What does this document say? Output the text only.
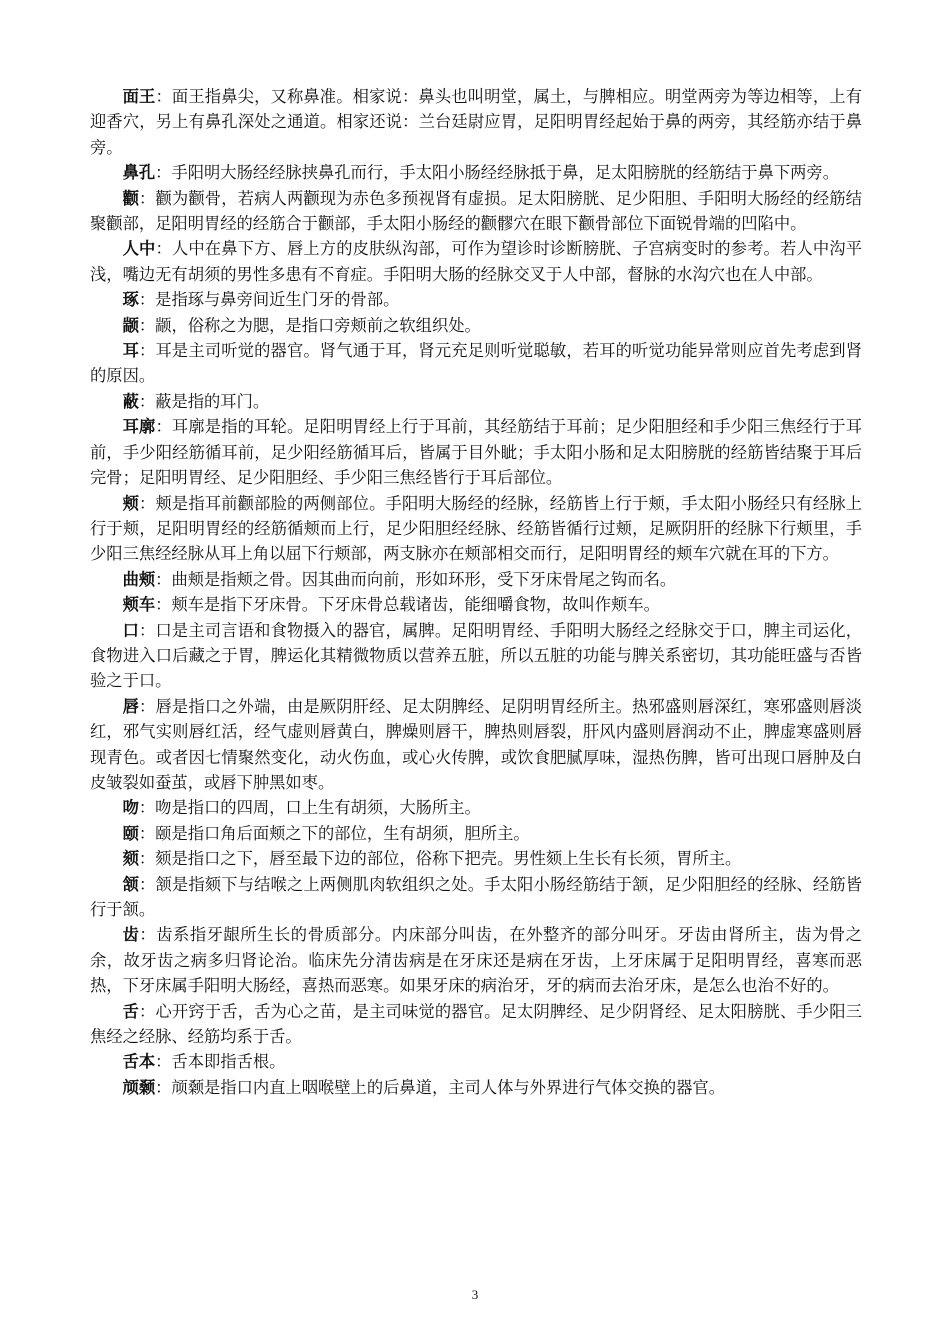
面王：面王指鼻尖，又称鼻准。相家说：鼻头也叫明堂，属土，与脾相应。明堂两旁为等边相等，上有迎香穴，另上有鼻孔深处之通道。相家还说：兰台廷尉应胃，足阳明胃经起始于鼻的两旁，其经筋亦结于鼻旁。

鼻孔：手阳明大肠经经脉挟鼻孔而行，手太阳小肠经经脉抵于鼻，足太阳膀胱的经筋结于鼻下两旁。

颧：颧为颧骨，若病人两颧现为赤色多预视肾有虚损。足太阳膀胱、足少阳胆、手阳明大肠经的经筋结聚颧部，足阳明胃经的经筋合于颧部，手太阳小肠经的颧髎穴在眼下颧骨部位下面锐骨端的凹陷中。

人中：人中在鼻下方、唇上方的皮肤纵沟部，可作为望诊时诊断膀胱、子宫病变时的参考。若人中沟平浅，嘴边无有胡须的男性多患有不育症。手阳明大肠的经脉交叉于人中部，督脉的水沟穴也在人中部。

琢：是指琢与鼻旁间近生门牙的骨部。

颛：颛，俗称之为腮，是指口旁颊前之软组织处。

耳：耳是主司听觉的器官。肾气通于耳，肾元充足则听觉聪敏，若耳的听觉功能异常则应首先考虑到肾的原因。

蔽：蔽是指的耳门。

耳廓：耳廓是指的耳轮。足阳明胃经上行于耳前，其经筋结于耳前；足少阳胆经和手少阳三焦经行于耳前，手少阳经筋循耳前，足少阳经筋循耳后，皆属于目外眦；手太阳小肠和足太阳膀胱的经筋皆结聚于耳后完骨；足阳明胃经、足少阳胆经、手少阳三焦经皆行于耳后部位。

颊：颊是指耳前颧部脸的两侧部位。手阳明大肠经的经脉，经筋皆上行于颊，手太阳小肠经只有经脉上行于颊，足阳明胃经的经筋循颊而上行，足少阳胆经经脉、经筋皆循行过颊，足厥阴肝的经脉下行颊里，手少阳三焦经经脉从耳上角以屈下行颊部，两支脉亦在颊部相交而行，足阳明胃经的颊车穴就在耳的下方。

曲颊：曲颊是指颊之骨。因其曲而向前，形如环形，受下牙床骨尾之钩而名。

颊车：颊车是指下牙床骨。下牙床骨总载诸齿，能细嚼食物，故叫作颊车。

口：口是主司言语和食物摄入的器官，属脾。足阳明胃经、手阳明大肠经之经脉交于口，脾主司运化，食物进入口后藏之于胃，脾运化其精微物质以营养五脏，所以五脏的功能与脾关系密切，其功能旺盛与否皆验之于口。

唇：唇是指口之外端，由是厥阴肝经、足太阴脾经、足阴明胃经所主。热邪盛则唇深红，寒邪盛则唇淡红，邪气实则唇红活，经气虚则唇黄白，脾燥则唇干，脾热则唇裂，肝风内盛则唇润动不止，脾虚寒盛则唇现青色。或者因七情聚然变化，动火伤血，或心火传脾，或饮食肥腻厚味，湿热伤脾，皆可出现口唇肿及白皮皱裂如蚕茧，或唇下肿黑如枣。

吻：吻是指口的四周，口上生有胡须，大肠所主。

颐：颐是指口角后面颊之下的部位，生有胡须，胆所主。

颏：颏是指口之下，唇至最下边的部位，俗称下把壳。男性颏上生长有长须，胃所主。

颔：颔是指颏下与结喉之上两侧肌肉软组织之处。手太阳小肠经筋结于颔，足少阳胆经的经脉、经筋皆行于颔。

齿：齿系指牙龈所生长的骨质部分。内床部分叫齿，在外整齐的部分叫牙。牙齿由肾所主，齿为骨之余，故牙齿之病多归肾论治。临床先分清齿病是在牙床还是病在牙齿，上牙床属于足阳明胃经，喜寒而恶热，下牙床属手阳明大肠经，喜热而恶寒。如果牙床的病治牙，牙的病而去治牙床，是怎么也治不好的。

舌：心开窍于舌，舌为心之苗，是主司味觉的器官。足太阴脾经、足少阴肾经、足太阳膀胱、手少阳三焦经之经脉、经筋均系于舌。

舌本：舌本即指舌根。

颃颡：颃颡是指口内直上咽喉壁上的后鼻道，主司人体与外界进行气体交换的器官。

3
